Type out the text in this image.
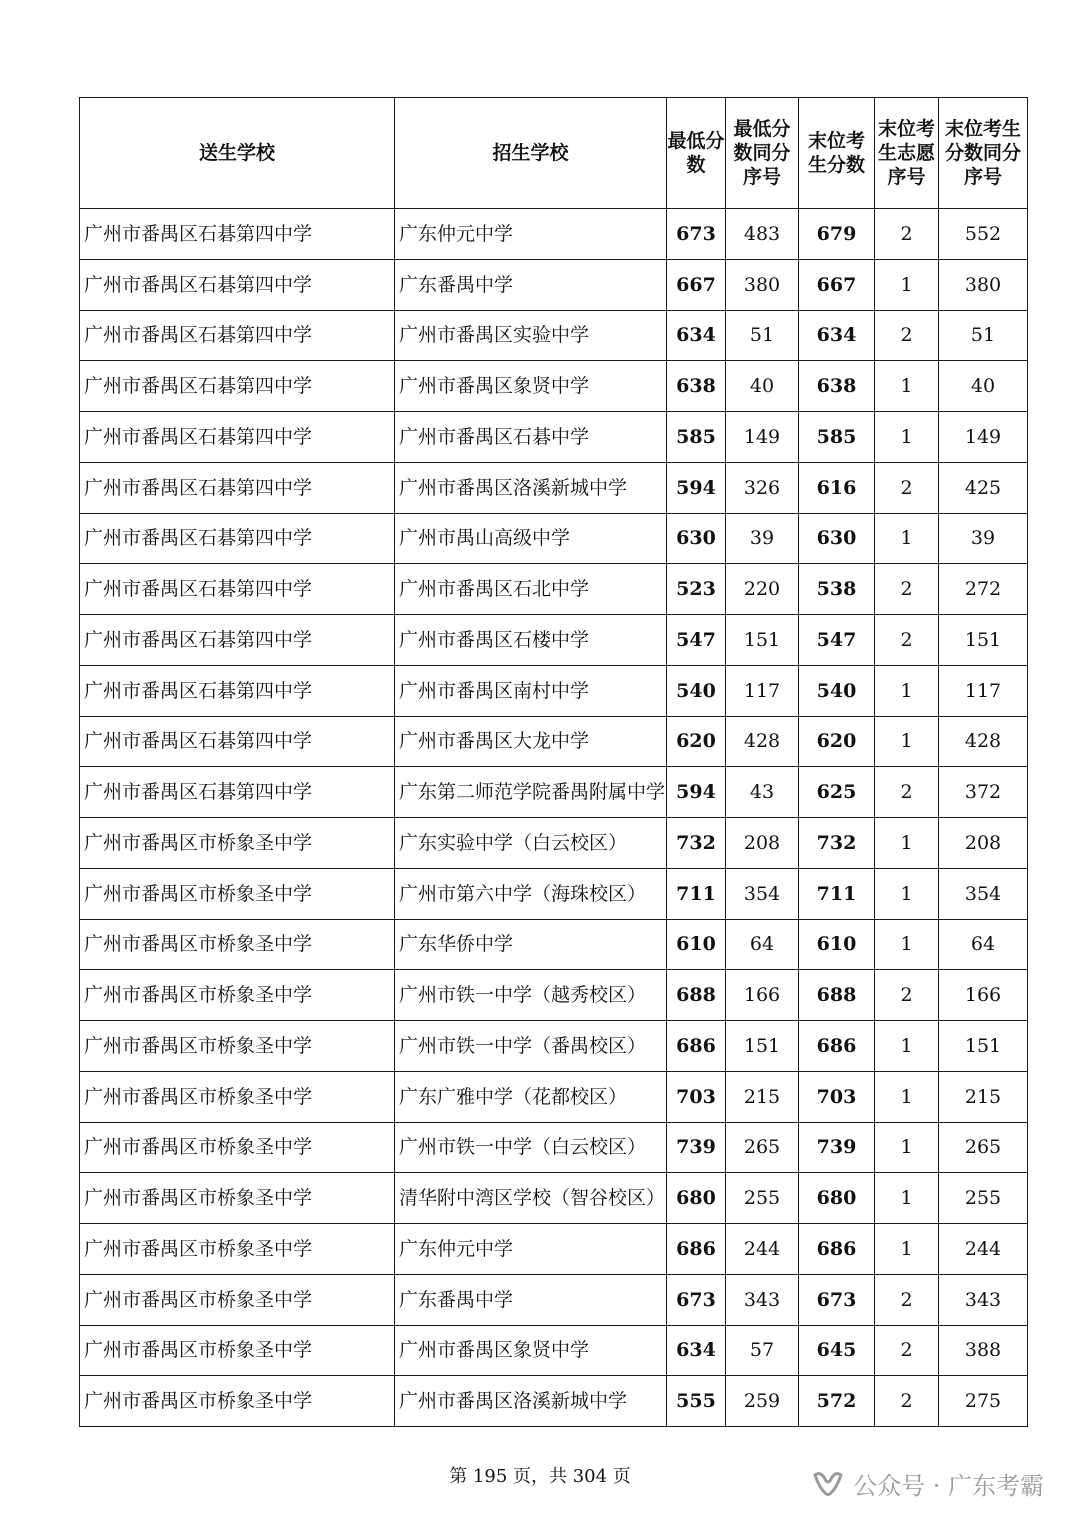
送生学校	招生学校	最低分数	最低分数同分序号	末位考生分数	末位考生志愿序号	末位考生分数同分序号
广州市番禺区石碁第四中学	广东仲元中学	673	483	679	2	552
广州市番禺区石碁第四中学	广东番禺中学	667	380	667	1	380
广州市番禺区石碁第四中学	广州市番禺区实验中学	634	51	634	2	51
广州市番禺区石碁第四中学	广州市番禺区象贤中学	638	40	638	1	40
广州市番禺区石碁第四中学	广州市番禺区石碁中学	585	149	585	1	149
广州市番禺区石碁第四中学	广州市番禺区洛溪新城中学	594	326	616	2	425
广州市番禺区石碁第四中学	广州市禺山高级中学	630	39	630	1	39
广州市番禺区石碁第四中学	广州市番禺区石北中学	523	220	538	2	272
广州市番禺区石碁第四中学	广州市番禺区石楼中学	547	151	547	2	151
广州市番禺区石碁第四中学	广州市番禺区南村中学	540	117	540	1	117
广州市番禺区石碁第四中学	广州市番禺区大龙中学	620	428	620	1	428
广州市番禺区石碁第四中学	广东第二师范学院番禺附属中学	594	43	625	2	372
广州市番禺区市桥象圣中学	广东实验中学（白云校区）	732	208	732	1	208
广州市番禺区市桥象圣中学	广州市第六中学（海珠校区）	711	354	711	1	354
广州市番禺区市桥象圣中学	广东华侨中学	610	64	610	1	64
广州市番禺区市桥象圣中学	广州市铁一中学（越秀校区）	688	166	688	2	166
广州市番禺区市桥象圣中学	广州市铁一中学（番禺校区）	686	151	686	1	151
广州市番禺区市桥象圣中学	广东广雅中学（花都校区）	703	215	703	1	215
广州市番禺区市桥象圣中学	广州市铁一中学（白云校区）	739	265	739	1	265
广州市番禺区市桥象圣中学	清华附中湾区学校（智谷校区）	680	255	680	1	255
广州市番禺区市桥象圣中学	广东仲元中学	686	244	686	1	244
广州市番禺区市桥象圣中学	广东番禺中学	673	343	673	2	343
广州市番禺区市桥象圣中学	广州市番禺区象贤中学	634	57	645	2	388
广州市番禺区市桥象圣中学	广州市番禺区洛溪新城中学	555	259	572	2	275
第 195 页，共 304 页	公众号 · 广东考霸
